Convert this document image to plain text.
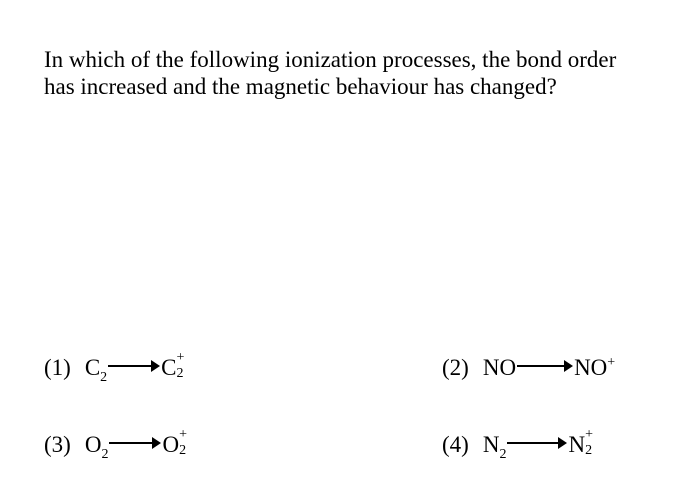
In which of the following ionization processes, the bond order
has increased and the magnetic behaviour has changed?
(1) $C_2$ C +
2	(2) NO	NO+
(3) $O_2$ O +
2	(4) $N_2$	N +
2
